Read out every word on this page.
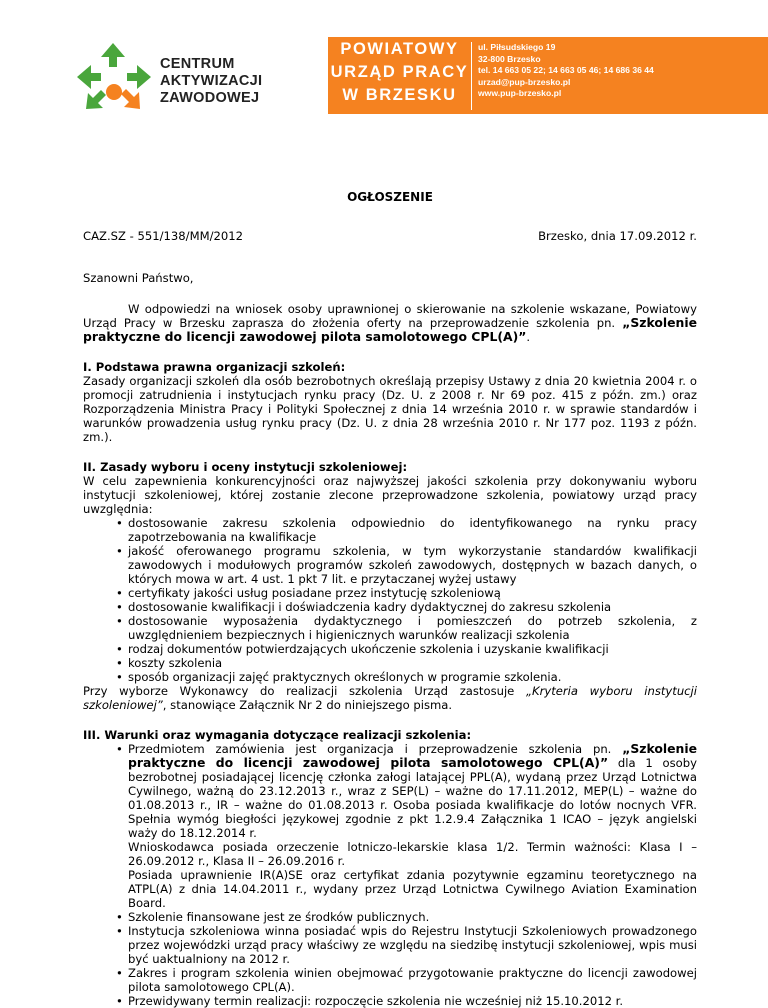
CENTRUM
AKTYWIZACJI
ZAWODOWEJ
POWIATOWY
URZĄD PRACY
W BRZESKU
ul. Piłsudskiego 19
32-800 Brzesko
tel. 14 663 05 22; 14 663 05 46; 14 686 36 44
urzad@pup-brzesko.pl
www.pup-brzesko.pl
OGŁOSZENIE
CAZ.SZ - 551/138/MM/2012	Brzesko, dnia 17.09.2012 r.

Szanowni Państwo,

W odpowiedzi na wniosek osoby uprawnionej o skierowanie na szkolenie wskazane, Powiatowy Urząd Pracy w Brzesku zaprasza do złożenia oferty na przeprowadzenie szkolenia pn. „Szkolenie praktyczne do licencji zawodowej pilota samolotowego CPL(A)”.

I. Podstawa prawna organizacji szkoleń:

Zasady organizacji szkoleń dla osób bezrobotnych określają przepisy Ustawy z dnia 20 kwietnia 2004 r. o promocji zatrudnienia i instytucjach rynku pracy (Dz. U. z 2008 r. Nr 69 poz. 415 z późn. zm.) oraz Rozporządzenia Ministra Pracy i Polityki Społecznej z dnia 14 września 2010 r. w sprawie standardów i warunków prowadzenia usług rynku pracy (Dz. U. z dnia 28 września 2010 r. Nr 177 poz. 1193 z późn. zm.).

II. Zasady wyboru i oceny instytucji szkoleniowej:

W celu zapewnienia konkurencyjności oraz najwyższej jakości szkolenia przy dokonywaniu wyboru instytucji szkoleniowej, której zostanie zlecone przeprowadzone szkolenia, powiatowy urząd pracy uwzględnia:

• dostosowanie zakresu szkolenia odpowiednio do identyfikowanego na rynku pracy zapotrzebowania na kwalifikacje
• jakość oferowanego programu szkolenia, w tym wykorzystanie standardów kwalifikacji zawodowych i modułowych programów szkoleń zawodowych, dostępnych w bazach danych, o których mowa w art. 4 ust. 1 pkt 7 lit. e przytaczanej wyżej ustawy
• certyfikaty jakości usług posiadane przez instytucję szkoleniową
• dostosowanie kwalifikacji i doświadczenia kadry dydaktycznej do zakresu szkolenia
• dostosowanie wyposażenia dydaktycznego i pomieszczeń do potrzeb szkolenia, z uwzględnieniem bezpiecznych i higienicznych warunków realizacji szkolenia
• rodzaj dokumentów potwierdzających ukończenie szkolenia i uzyskanie kwalifikacji
• koszty szkolenia
• sposób organizacji zajęć praktycznych określonych w programie szkolenia.

Przy wyborze Wykonawcy do realizacji szkolenia Urząd zastosuje „Kryteria wyboru instytucji szkoleniowej”, stanowiące Załącznik Nr 2 do niniejszego pisma.

III. Warunki oraz wymagania dotyczące realizacji szkolenia:
• Przedmiotem zamówienia jest organizacja i przeprowadzenie szkolenia pn. „Szkolenie praktyczne do licencji zawodowej pilota samolotowego CPL(A)” dla 1 osoby bezrobotnej posiadającej licencję członka załogi latającej PPL(A), wydaną przez Urząd Lotnictwa Cywilnego, ważną do 23.12.2013 r., wraz z SEP(L) – ważne do 17.11.2012, MEP(L) – ważne do 01.08.2013 r., IR – ważne do 01.08.2013 r. Osoba posiada kwalifikacje do lotów nocnych VFR. Spełnia wymóg biegłości językowej zgodnie z pkt 1.2.9.4 Załącznika 1 ICAO – język angielski waży do 18.12.2014 r.
Wnioskodawca posiada orzeczenie lotniczo-lekarskie klasa 1/2. Termin ważności: Klasa I – 26.09.2012 r., Klasa II – 26.09.2016 r.
Posiada uprawnienie IR(A)SE oraz certyfikat zdania pozytywnie egzaminu teoretycznego na ATPL(A) z dnia 14.04.2011 r., wydany przez Urząd Lotnictwa Cywilnego Aviation Examination Board.
• Szkolenie finansowane jest ze środków publicznych.
• Instytucja szkoleniowa winna posiadać wpis do Rejestru Instytucji Szkoleniowych prowadzonego przez wojewódzki urząd pracy właściwy ze względu na siedzibę instytucji szkoleniowej, wpis musi być uaktualniony na 2012 r.
• Zakres i program szkolenia winien obejmować przygotowanie praktyczne do licencji zawodowej pilota samolotowego CPL(A).
• Przewidywany termin realizacji: rozpoczęcie szkolenia nie wcześniej niż 15.10.2012 r.
